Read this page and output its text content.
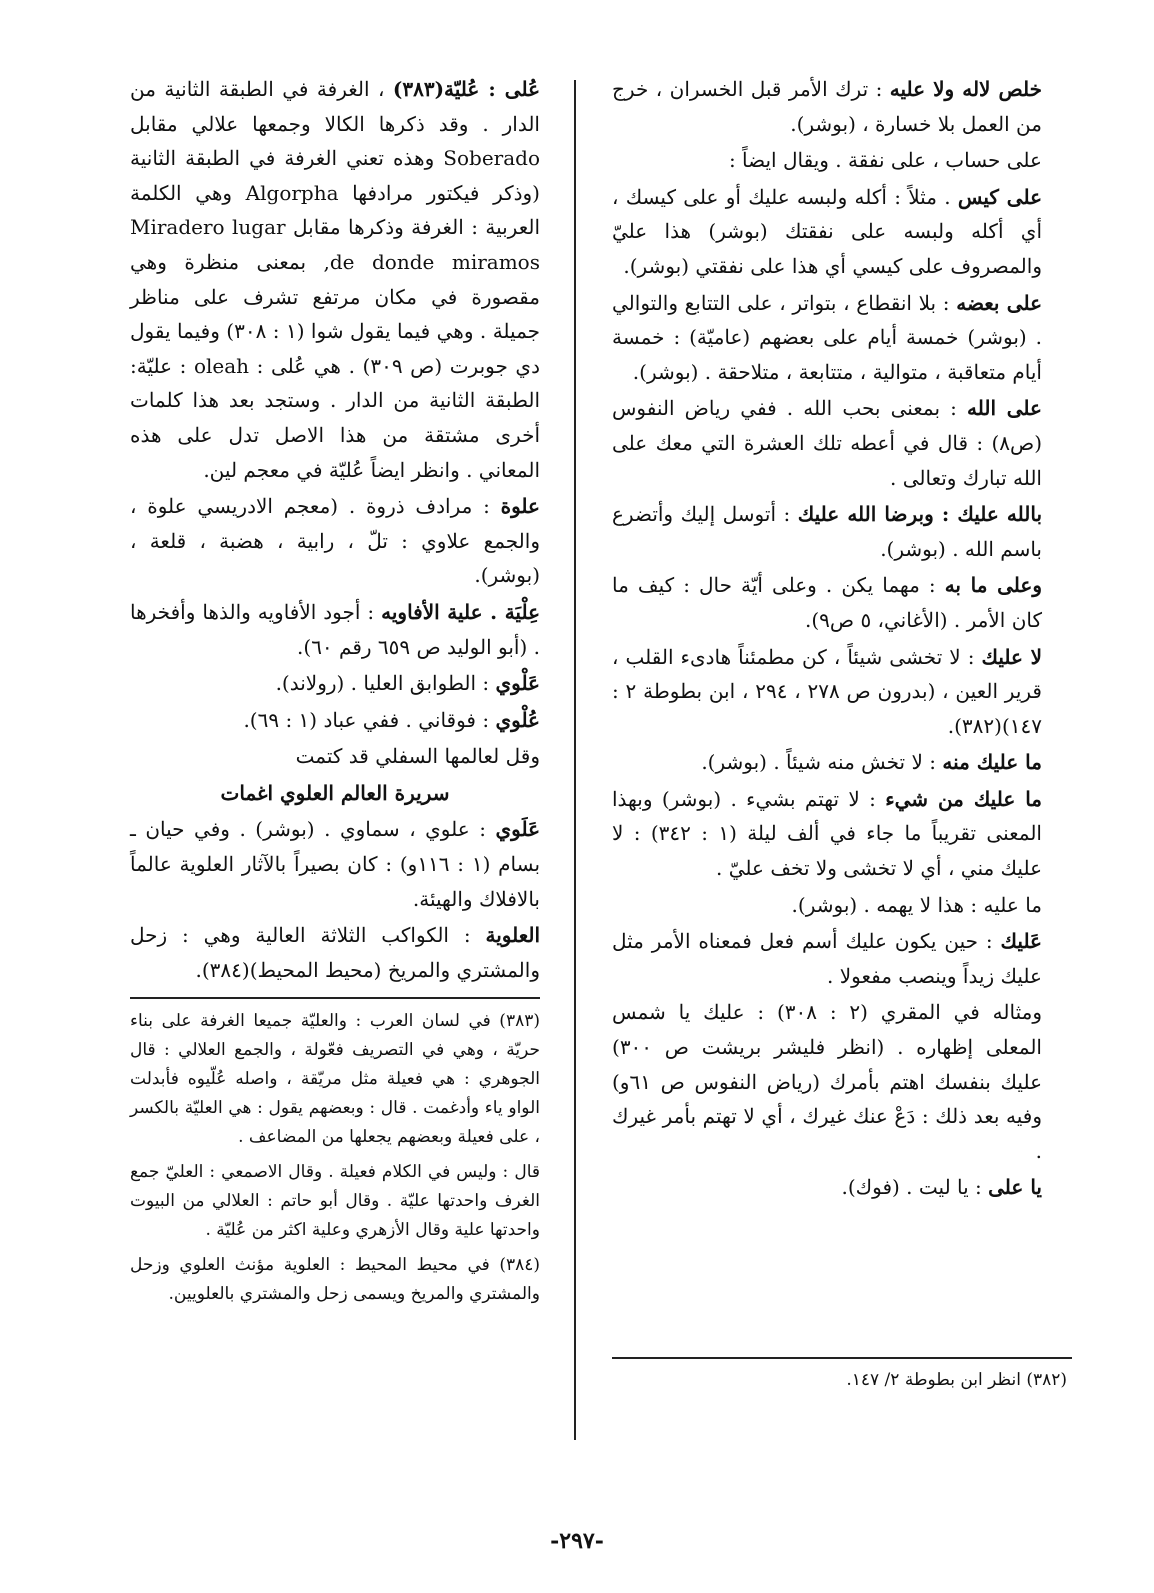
خلص لاله ولا عليه : ترك الأمر قبل الخسران ، خرج من العمل بلا خسارة ، (بوشر).

على حساب ، على نفقة . ويقال ايضاً :

على كيس . مثلاً : أكله ولبسه عليك أو على كيسك ، أي أكله ولبسه على نفقتك (بوشر) هذا عليّ والمصروف على كيسي أي هذا على نفقتي (بوشر).

على بعضه : بلا انقطاع ، بتواتر ، على التتابع والتوالي . (بوشر) خمسة أيام على بعضهم (عاميّة) : خمسة أيام متعاقبة ، متوالية ، متتابعة ، متلاحقة . (بوشر).

على الله : بمعنى بحب الله . ففي رياض النفوس (ص٨) : قال في أعطه تلك العشرة التي معك على الله تبارك وتعالى .

بالله عليك : وبرضا الله عليك : أتوسل إليك وأتضرع باسم الله . (بوشر).

وعلى ما به : مهما يكن . وعلى أيّة حال : كيف ما كان الأمر . (الأغاني، ٥ ص٩).

لا عليك : لا تخشى شيئاً ، كن مطمئناً هادىء القلب ، قرير العين ، (بدرون ص ٢٧٨ ، ٢٩٤ ، ابن بطوطة ٢ : ١٤٧)(٣٨٢).

ما عليك منه : لا تخش منه شيئاً . (بوشر).

ما عليك من شيء : لا تهتم بشيء . (بوشر) وبهذا المعنى تقريباً ما جاء في ألف ليلة (١ : ٣٤٢) : لا عليك مني ، أي لا تخشى ولا تخف عليّ .

ما عليه : هذا لا يهمه . (بوشر).

عَليك : حين يكون عليك أسم فعل فمعناه الأمر مثل عليك زيداً وينصب مفعولا .

ومثاله في المقري (٢ : ٣٠٨) : عليك يا شمس المعلى إظهاره . (انظر فليشر بريشت ص ٣٠٠) عليك بنفسك اهتم بأمرك (رياض النفوس ص ٦١و) وفيه بعد ذلك : دَعْ عنك غيرك ، أي لا تهتم بأمر غيرك .

يا على : يا ليت . (فوك).

عُلى : عُليّة(٣٨٣) ، الغرفة في الطبقة الثانية من الدار . وقد ذكرها الكالا وجمعها علالي مقابل Soberado وهذه تعني الغرفة في الطبقة الثانية (وذكر فيكتور مرادفها Algorpha وهي الكلمة العربية : الغرفة وذكرها مقابل Miradero lugar de donde miramos, بمعنى منظرة وهي مقصورة في مكان مرتفع تشرف على مناظر جميلة . وهي فيما يقول شوا (١ : ٣٠٨) وفيما يقول دي جوبرت (ص ٣٠٩) . هي عُلى : oleah : عليّة: الطبقة الثانية من الدار . وستجد بعد هذا كلمات أخرى مشتقة من هذا الاصل تدل على هذه المعاني . وانظر ايضاً عُليّة في معجم لين.

علوة : مرادف ذروة . (معجم الادريسي علوة ، والجمع علاوي : تلّ ، رابية ، هضبة ، قلعة ، (بوشر).

عِلْيَة . علية الأفاويه : أجود الأفاويه والذها وأفخرها . (أبو الوليد ص ٦٥٩ رقم ٦٠).

عَلْوي : الطوابق العليا . (رولاند).

عُلْوي : فوقاني . ففي عباد (١ : ٦٩).

وقل لعالمها السفلي قد كتمت

سريرة العالم العلوي اغمات

عَلَوي : علوي ، سماوي . (بوشر) . وفي حيان ـ بسام (١ : ١١٦و) : كان بصيراً بالآثار العلوية عالماً بالافلاك والهيئة.

العلوية : الكواكب الثلاثة العالية وهي : زحل والمشتري والمريخ (محيط المحيط)(٣٨٤).

(٣٨٣) في لسان العرب : والعليّة جميعا الغرفة على بناء حريّة ، وهي في التصريف فعّولة ، والجمع العلالي : قال الجوهري : هي فعيلة مثل مريّقة ، واصله عُلّيوه فأبدلت الواو ياء وأدغمت . قال : وبعضهم يقول : هي العليّة بالكسر ، على فعيلة وبعضهم يجعلها من المضاعف .

قال : وليس في الكلام فعيلة . وقال الاصمعي : العليّ جمع الغرف واحدتها عليّة . وقال أبو حاتم : العلالي من البيوت واحدتها علية وقال الأزهري وعلية اكثر من عُليّة .

(٣٨٤) في محيط المحيط : العلوية مؤنث العلوي وزحل والمشتري والمريخ ويسمى زحل والمشتري بالعلويين.

(٣٨٢) انظر ابن بطوطة ٢/ ١٤٧.
-٢٩٧-
